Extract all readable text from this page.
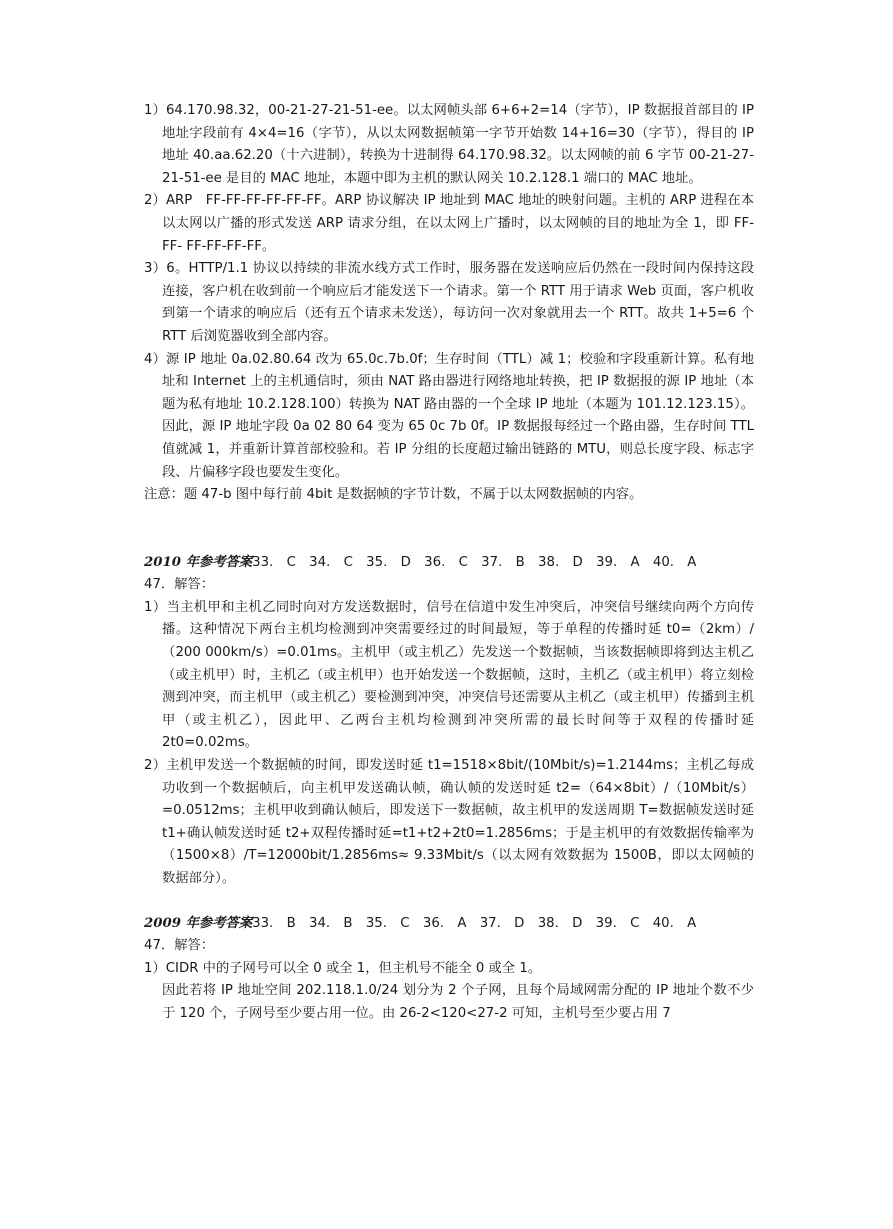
1）64.170.98.32，00-21-27-21-51-ee。以太网帧头部 6+6+2=14（字节），IP 数据报首部目的 IP 地址字段前有 4×4=16（字节），从以太网数据帧第一字节开始数 14+16=30（字节），得目的 IP 地址 40.aa.62.20（十六进制），转换为十进制得 64.170.98.32。以太网帧的前 6 字节 00-21-27-21-51-ee 是目的 MAC 地址，本题中即为主机的默认网关 10.2.128.1 端口的 MAC 地址。

2）ARP　FF-FF-FF-FF-FF-FF。ARP 协议解决 IP 地址到 MAC 地址的映射问题。主机的 ARP 进程在本以太网以广播的形式发送 ARP 请求分组，在以太网上广播时，以太网帧的目的地址为全 1，即 FF-FF- FF-FF-FF-FF。

3）6。HTTP/1.1 协议以持续的非流水线方式工作时，服务器在发送响应后仍然在一段时间内保持这段连接，客户机在收到前一个响应后才能发送下一个请求。第一个 RTT 用于请求 Web 页面，客户机收到第一个请求的响应后（还有五个请求未发送），每访问一次对象就用去一个 RTT。故共 1+5=6 个 RTT 后浏览器收到全部内容。

4）源 IP 地址 0a.02.80.64 改为 65.0c.7b.0f；生存时间（TTL）减 1；校验和字段重新计算。私有地址和 Internet 上的主机通信时，须由 NAT 路由器进行网络地址转换，把 IP 数据报的源 IP 地址（本题为私有地址 10.2.128.100）转换为 NAT 路由器的一个全球 IP 地址（本题为 101.12.123.15）。因此，源 IP 地址字段 0a 02 80 64 变为 65 0c 7b 0f。IP 数据报每经过一个路由器，生存时间 TTL 值就减 1，并重新计算首部校验和。若 IP 分组的长度超过输出链路的 MTU，则总长度字段、标志字段、片偏移字段也要发生变化。

注意：题 47-b 图中每行前 4bit 是数据帧的字节计数，不属于以太网数据帧的内容。

2010 年参考答案33.　C　34.　C　35.　D　36.　C　37.　B　38.　D　39.　A　40.　A

47．解答：

1）当主机甲和主机乙同时向对方发送数据时，信号在信道中发生冲突后，冲突信号继续向两个方向传播。这种情况下两台主机均检测到冲突需要经过的时间最短，等于单程的传播时延 t0=（2km）/（200 000km/s）=0.01ms。主机甲（或主机乙）先发送一个数据帧，当该数据帧即将到达主机乙（或主机甲）时，主机乙（或主机甲）也开始发送一个数据帧，这时，主机乙（或主机甲）将立刻检测到冲突，而主机甲（或主机乙）要检测到冲突，冲突信号还需要从主机乙（或主机甲）传播到主机甲（或主机乙），因此甲、乙两台主机均检测到冲突所需的最长时间等于双程的传播时延 2t0=0.02ms。

2）主机甲发送一个数据帧的时间，即发送时延 t1=1518×8bit/(10Mbit/s)=1.2144ms；主机乙每成功收到一个数据帧后，向主机甲发送确认帧，确认帧的发送时延 t2=（64×8bit）/（10Mbit/s）=0.0512ms；主机甲收到确认帧后，即发送下一数据帧，故主机甲的发送周期 T=数据帧发送时延 t1+确认帧发送时延 t2+双程传播时延=t1+t2+2t0=1.2856ms；于是主机甲的有效数据传输率为（1500×8）/T=12000bit/1.2856ms≈ 9.33Mbit/s（以太网有效数据为 1500B，即以太网帧的数据部分）。

2009 年参考答案33.　B　34.　B　35.　C　36.　A　37.　D　38.　D　39.　C　40.　A

47．解答：

1）CIDR 中的子网号可以全 0 或全 1，但主机号不能全 0 或全 1。

因此若将 IP 地址空间 202.118.1.0/24 划分为 2 个子网，且每个局域网需分配的 IP 地址个数不少于 120 个，子网号至少要占用一位。由 26-2<120<27-2 可知，主机号至少要占用 7
